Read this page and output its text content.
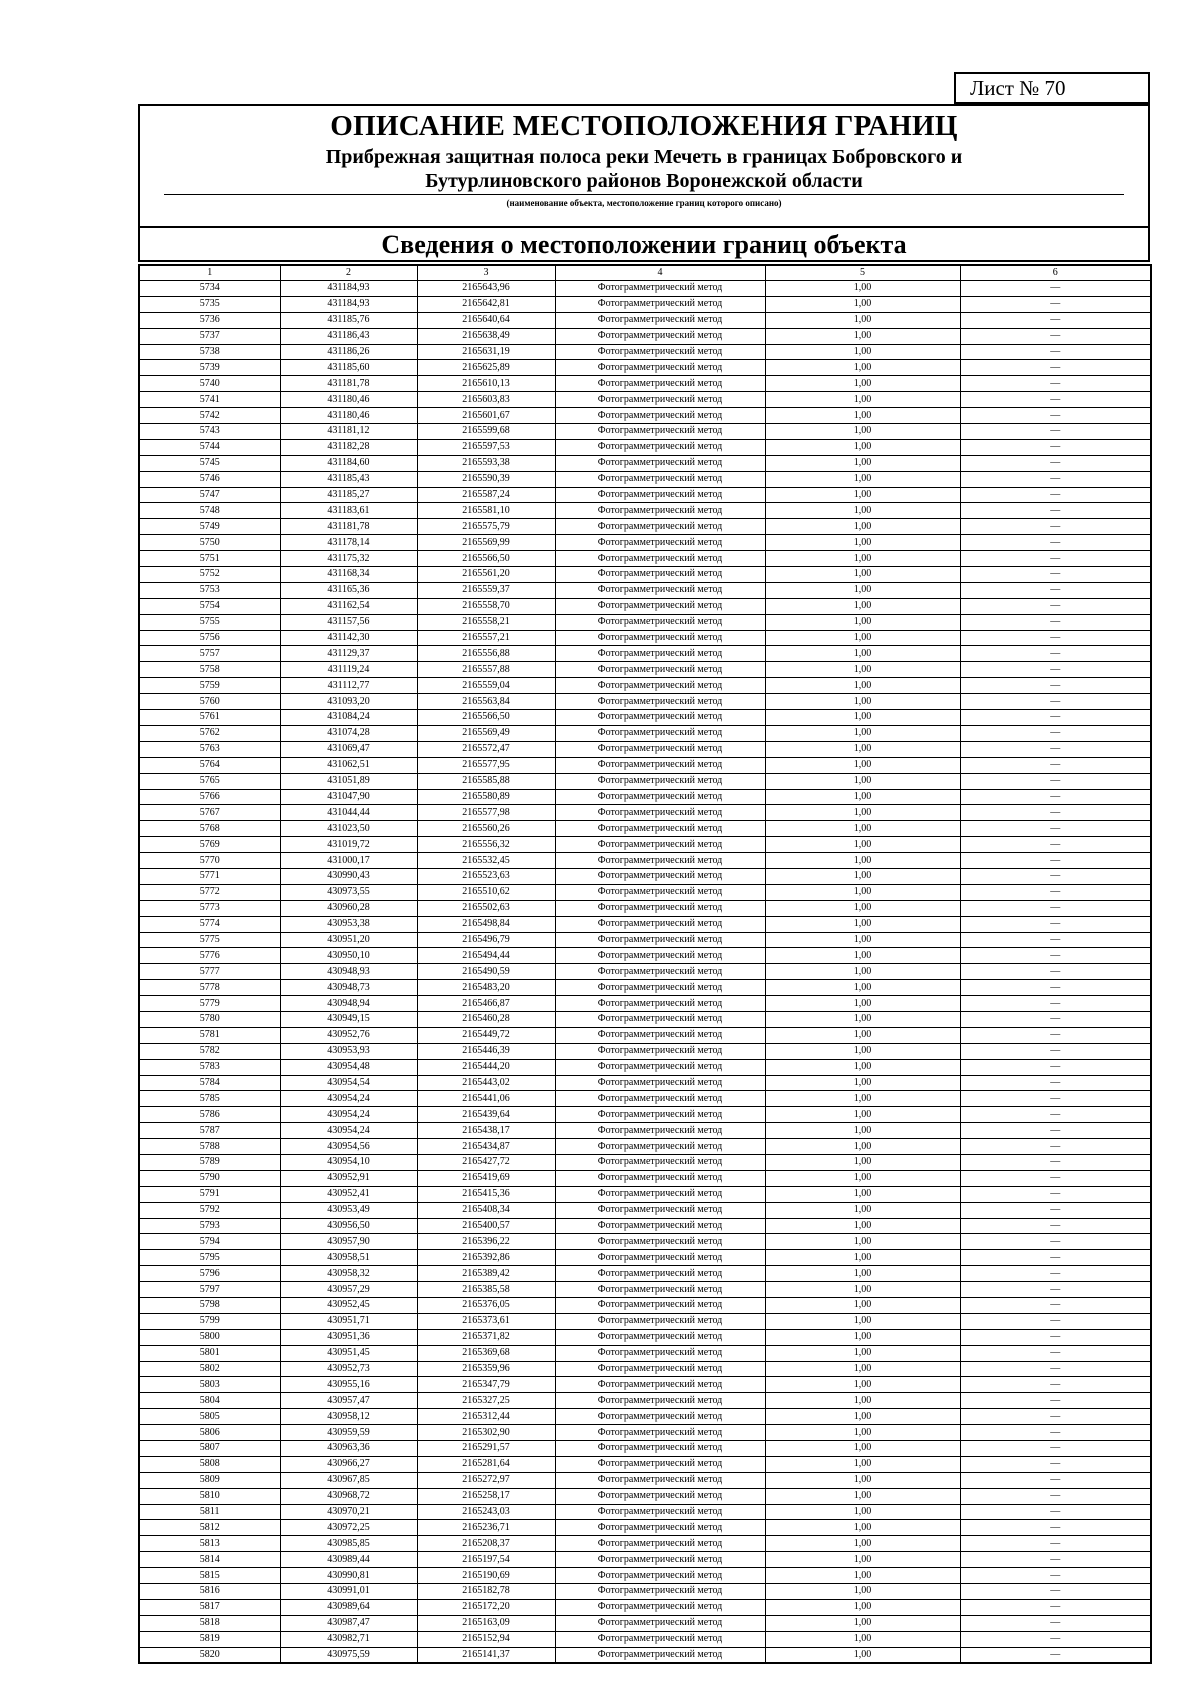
Лист № 70
ОПИСАНИЕ МЕСТОПОЛОЖЕНИЯ ГРАНИЦ
Прибрежная защитная полоса реки Мечеть в границах Бобровского и
Бутурлиновского районов Воронежской области
(наименование объекта, местоположение границ которого описано)
Сведения о местоположении границ объекта
1	2	3	4	5	6
5734	431184,93	2165643,96	Фотограмметрический метод	1,00	—
5735	431184,93	2165642,81	Фотограмметрический метод	1,00	—
5736	431185,76	2165640,64	Фотограмметрический метод	1,00	—
5737	431186,43	2165638,49	Фотограмметрический метод	1,00	—
5738	431186,26	2165631,19	Фотограмметрический метод	1,00	—
5739	431185,60	2165625,89	Фотограмметрический метод	1,00	—
5740	431181,78	2165610,13	Фотограмметрический метод	1,00	—
5741	431180,46	2165603,83	Фотограмметрический метод	1,00	—
5742	431180,46	2165601,67	Фотограмметрический метод	1,00	—
5743	431181,12	2165599,68	Фотограмметрический метод	1,00	—
5744	431182,28	2165597,53	Фотограмметрический метод	1,00	—
5745	431184,60	2165593,38	Фотограмметрический метод	1,00	—
5746	431185,43	2165590,39	Фотограмметрический метод	1,00	—
5747	431185,27	2165587,24	Фотограмметрический метод	1,00	—
5748	431183,61	2165581,10	Фотограмметрический метод	1,00	—
5749	431181,78	2165575,79	Фотограмметрический метод	1,00	—
5750	431178,14	2165569,99	Фотограмметрический метод	1,00	—
5751	431175,32	2165566,50	Фотограмметрический метод	1,00	—
5752	431168,34	2165561,20	Фотограмметрический метод	1,00	—
5753	431165,36	2165559,37	Фотограмметрический метод	1,00	—
5754	431162,54	2165558,70	Фотограмметрический метод	1,00	—
5755	431157,56	2165558,21	Фотограмметрический метод	1,00	—
5756	431142,30	2165557,21	Фотограмметрический метод	1,00	—
5757	431129,37	2165556,88	Фотограмметрический метод	1,00	—
5758	431119,24	2165557,88	Фотограмметрический метод	1,00	—
5759	431112,77	2165559,04	Фотограмметрический метод	1,00	—
5760	431093,20	2165563,84	Фотограмметрический метод	1,00	—
5761	431084,24	2165566,50	Фотограмметрический метод	1,00	—
5762	431074,28	2165569,49	Фотограмметрический метод	1,00	—
5763	431069,47	2165572,47	Фотограмметрический метод	1,00	—
5764	431062,51	2165577,95	Фотограмметрический метод	1,00	—
5765	431051,89	2165585,88	Фотограмметрический метод	1,00	—
5766	431047,90	2165580,89	Фотограмметрический метод	1,00	—
5767	431044,44	2165577,98	Фотограмметрический метод	1,00	—
5768	431023,50	2165560,26	Фотограмметрический метод	1,00	—
5769	431019,72	2165556,32	Фотограмметрический метод	1,00	—
5770	431000,17	2165532,45	Фотограмметрический метод	1,00	—
5771	430990,43	2165523,63	Фотограмметрический метод	1,00	—
5772	430973,55	2165510,62	Фотограмметрический метод	1,00	—
5773	430960,28	2165502,63	Фотограмметрический метод	1,00	—
5774	430953,38	2165498,84	Фотограмметрический метод	1,00	—
5775	430951,20	2165496,79	Фотограмметрический метод	1,00	—
5776	430950,10	2165494,44	Фотограмметрический метод	1,00	—
5777	430948,93	2165490,59	Фотограмметрический метод	1,00	—
5778	430948,73	2165483,20	Фотограмметрический метод	1,00	—
5779	430948,94	2165466,87	Фотограмметрический метод	1,00	—
5780	430949,15	2165460,28	Фотограмметрический метод	1,00	—
5781	430952,76	2165449,72	Фотограмметрический метод	1,00	—
5782	430953,93	2165446,39	Фотограмметрический метод	1,00	—
5783	430954,48	2165444,20	Фотограмметрический метод	1,00	—
5784	430954,54	2165443,02	Фотограмметрический метод	1,00	—
5785	430954,24	2165441,06	Фотограмметрический метод	1,00	—
5786	430954,24	2165439,64	Фотограмметрический метод	1,00	—
5787	430954,24	2165438,17	Фотограмметрический метод	1,00	—
5788	430954,56	2165434,87	Фотограмметрический метод	1,00	—
5789	430954,10	2165427,72	Фотограмметрический метод	1,00	—
5790	430952,91	2165419,69	Фотограмметрический метод	1,00	—
5791	430952,41	2165415,36	Фотограмметрический метод	1,00	—
5792	430953,49	2165408,34	Фотограмметрический метод	1,00	—
5793	430956,50	2165400,57	Фотограмметрический метод	1,00	—
5794	430957,90	2165396,22	Фотограмметрический метод	1,00	—
5795	430958,51	2165392,86	Фотограмметрический метод	1,00	—
5796	430958,32	2165389,42	Фотограмметрический метод	1,00	—
5797	430957,29	2165385,58	Фотограмметрический метод	1,00	—
5798	430952,45	2165376,05	Фотограмметрический метод	1,00	—
5799	430951,71	2165373,61	Фотограмметрический метод	1,00	—
5800	430951,36	2165371,82	Фотограмметрический метод	1,00	—
5801	430951,45	2165369,68	Фотограмметрический метод	1,00	—
5802	430952,73	2165359,96	Фотограмметрический метод	1,00	—
5803	430955,16	2165347,79	Фотограмметрический метод	1,00	—
5804	430957,47	2165327,25	Фотограмметрический метод	1,00	—
5805	430958,12	2165312,44	Фотограмметрический метод	1,00	—
5806	430959,59	2165302,90	Фотограмметрический метод	1,00	—
5807	430963,36	2165291,57	Фотограмметрический метод	1,00	—
5808	430966,27	2165281,64	Фотограмметрический метод	1,00	—
5809	430967,85	2165272,97	Фотограмметрический метод	1,00	—
5810	430968,72	2165258,17	Фотограмметрический метод	1,00	—
5811	430970,21	2165243,03	Фотограмметрический метод	1,00	—
5812	430972,25	2165236,71	Фотограмметрический метод	1,00	—
5813	430985,85	2165208,37	Фотограмметрический метод	1,00	—
5814	430989,44	2165197,54	Фотограмметрический метод	1,00	—
5815	430990,81	2165190,69	Фотограмметрический метод	1,00	—
5816	430991,01	2165182,78	Фотограмметрический метод	1,00	—
5817	430989,64	2165172,20	Фотограмметрический метод	1,00	—
5818	430987,47	2165163,09	Фотограмметрический метод	1,00	—
5819	430982,71	2165152,94	Фотограмметрический метод	1,00	—
5820	430975,59	2165141,37	Фотограмметрический метод	1,00	—
